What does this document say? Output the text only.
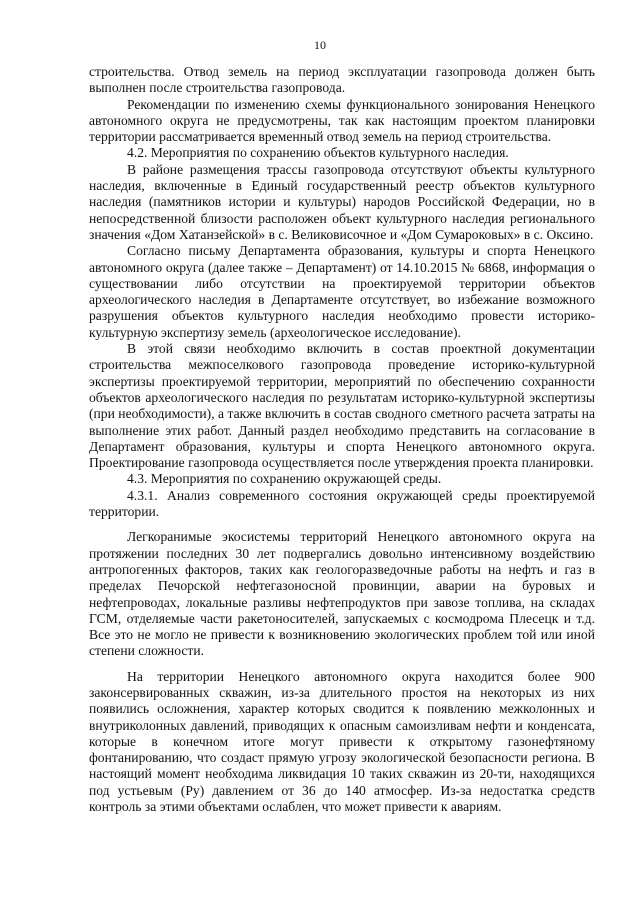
10

строительства. Отвод земель на период эксплуатации газопровода должен быть выполнен после строительства газопровода.

Рекомендации по изменению схемы функционального зонирования Ненецкого автономного округа не предусмотрены, так как настоящим проектом планировки территории рассматривается временный отвод земель на период строительства.

4.2. Мероприятия по сохранению объектов культурного наследия.

В районе размещения трассы газопровода отсутствуют объекты культурного наследия, включенные в Единый государственный реестр объектов культурного наследия (памятников истории и культуры) народов Российской Федерации, но в непосредственной близости расположен объект культурного наследия регионального значения «Дом Хатанзейской» в с. Великовисочное и «Дом Сумароковых» в с. Оксино.

Согласно письму Департамента образования, культуры и спорта Ненецкого автономного округа (далее также – Департамент) от 14.10.2015 № 6868, информация о существовании либо отсутствии на проектируемой территории объектов археологического наследия в Департаменте отсутствует, во избежание возможного разрушения объектов культурного наследия необходимо провести историко-культурную экспертизу земель (археологическое исследование).

В этой связи необходимо включить в состав проектной документации строительства межпоселкового газопровода проведение историко-культурной экспертизы проектируемой территории, мероприятий по обеспечению сохранности объектов археологического наследия по результатам историко-культурной экспертизы (при необходимости), а также включить в состав сводного сметного расчета затраты на выполнение этих работ. Данный раздел необходимо представить на согласование в Департамент образования, культуры и спорта Ненецкого автономного округа. Проектирование газопровода осуществляется после утверждения проекта планировки.

4.3. Мероприятия по сохранению окружающей среды.

4.3.1. Анализ современного состояния окружающей среды проектируемой территории.

Легкоранимые экосистемы территорий Ненецкого автономного округа на протяжении последних 30 лет подвергались довольно интенсивному воздействию антропогенных факторов, таких как геологоразведочные работы на нефть и газ в пределах Печорской нефтегазоносной провинции, аварии на буровых и нефтепроводах, локальные разливы нефтепродуктов при завозе топлива, на складах ГСМ, отделяемые части ракетоносителей, запускаемых с космодрома Плесецк и т.д. Все это не могло не привести к возникновению экологических проблем той или иной степени сложности.

На территории Ненецкого автономного округа находится более 900 законсервированных скважин, из-за длительного простоя на некоторых из них появились осложнения, характер которых сводится к появлению межколонных и внутриколонных давлений, приводящих к опасным самоизливам нефти и конденсата, которые в конечном итоге могут привести к открытому газонефтяному фонтанированию, что создаст прямую угрозу экологической безопасности региона. В настоящий момент необходима ликвидация 10 таких скважин из 20-ти, находящихся под устьевым (Ру) давлением от 36 до 140 атмосфер. Из-за недостатка средств контроль за этими объектами ослаблен, что может привести к авариям.
